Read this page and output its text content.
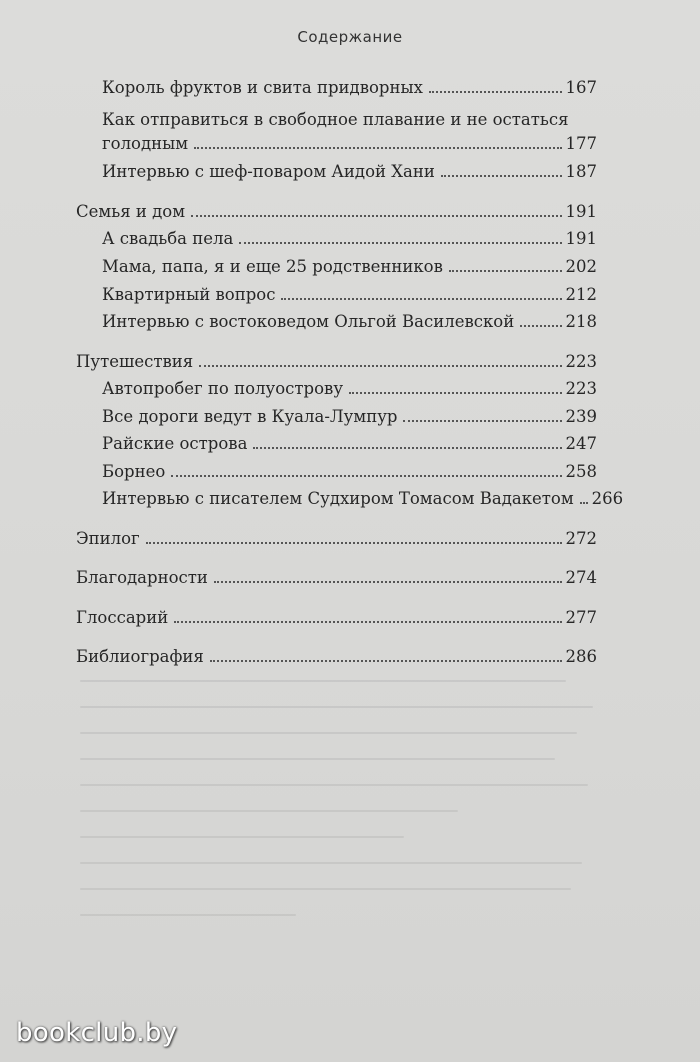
Содержание
Король фруктов и свита придворных	167
Как отправиться в свободное плавание и не остаться
голодным	177
Интервью с шеф-поваром Аидой Хани	187
Семья и дом	191
А свадьба пела	191
Мама, папа, я и еще 25 родственников	202
Квартирный вопрос	212
Интервью с востоковедом Ольгой Василевской	218
Путешествия	223
Автопробег по полуострову	223
Все дороги ведут в Куала-Лумпур	239
Райские острова	247
Борнео	258
Интервью с писателем Судхиром Томасом Вадакетом 266
Эпилог	272
Благодарности	274
Глоссарий	277
Библиография	286
bookclub.by
